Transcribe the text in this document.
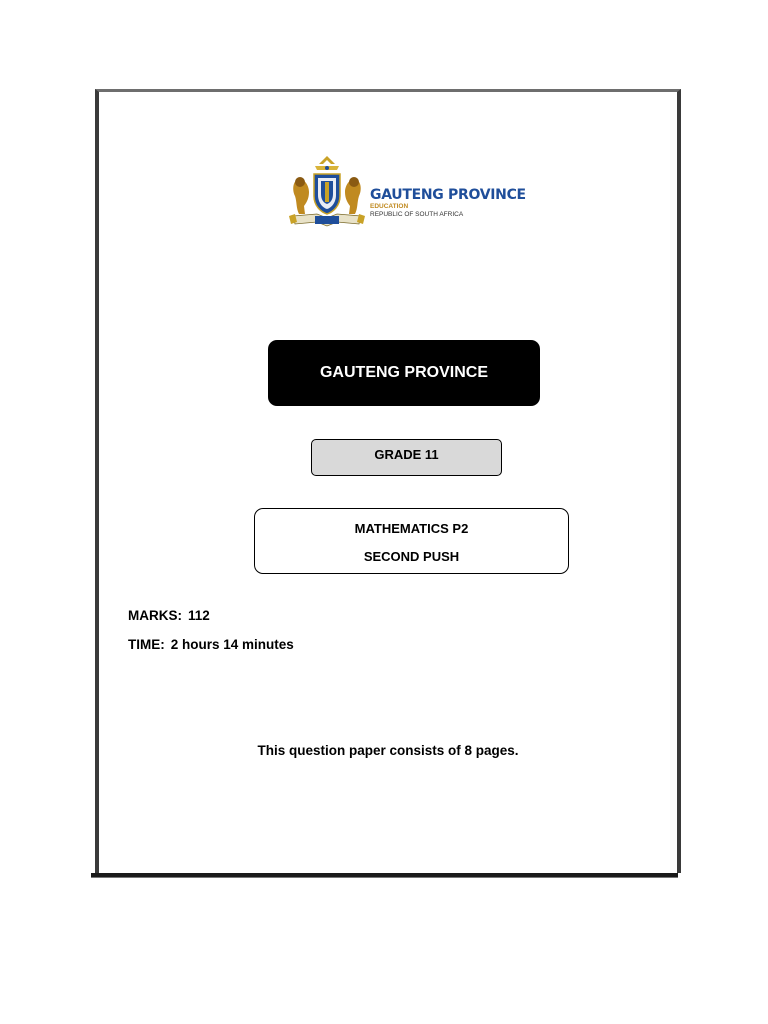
GAUTENG PROVINCE
EDUCATION
REPUBLIC OF SOUTH AFRICA
GAUTENG PROVINCE
GRADE 11
MATHEMATICS P2
SECOND PUSH
MARKS: 112
TIME: 2 hours 14 minutes
This question paper consists of 8 pages.
